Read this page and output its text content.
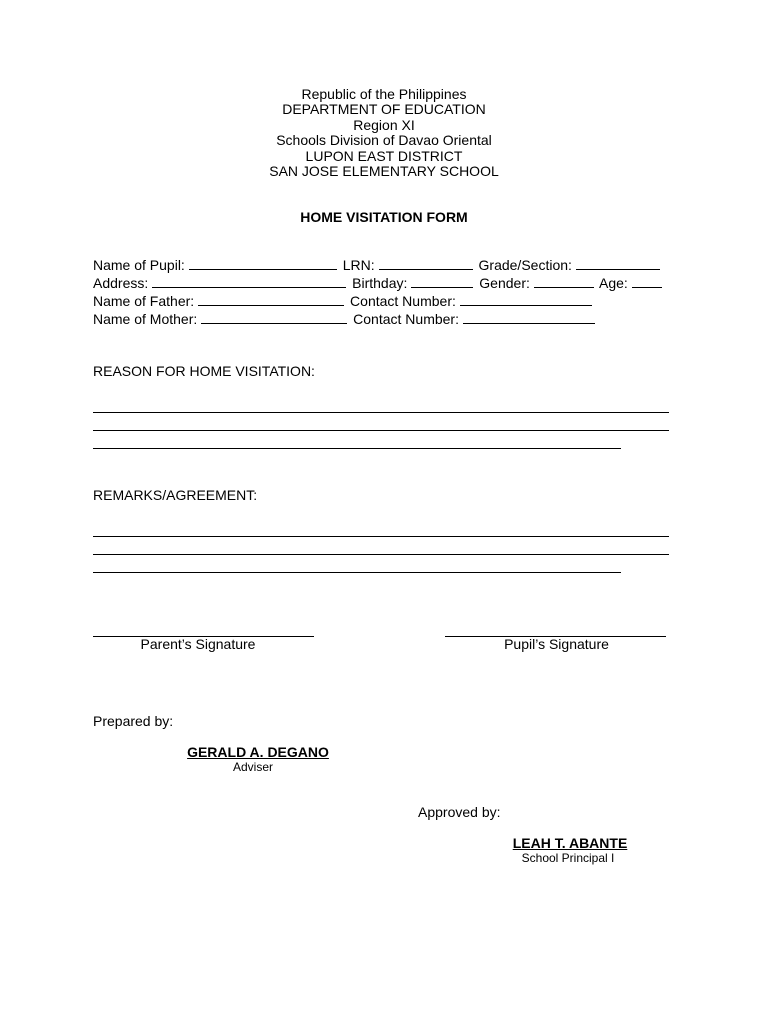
Republic of the Philippines
DEPARTMENT OF EDUCATION
Region XI
Schools Division of Davao Oriental
LUPON EAST DISTRICT
SAN JOSE ELEMENTARY SCHOOL
HOME VISITATION FORM
Name of Pupil:	LRN:	Grade/Section:
Address:	Birthday:	Gender:	Age:
Name of Father:	Contact Number:
Name of Mother:	Contact Number:
REASON FOR HOME VISITATION:
REMARKS/AGREEMENT:
Parent’s Signature	Pupil’s Signature
Prepared by:
GERALD A. DEGANO
Adviser
Approved by:
LEAH T. ABANTE
School Principal I
